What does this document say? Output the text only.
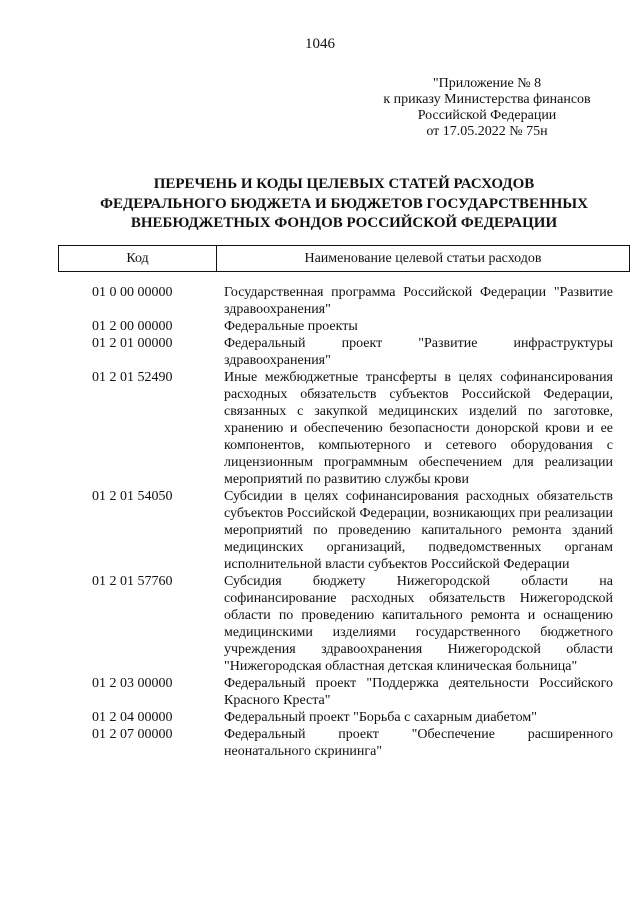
1046
"Приложение № 8
к приказу Министерства финансов
Российской Федерации
от 17.05.2022 № 75н
ПЕРЕЧЕНЬ И КОДЫ ЦЕЛЕВЫХ СТАТЕЙ РАСХОДОВ
ФЕДЕРАЛЬНОГО БЮДЖЕТА И БЮДЖЕТОВ ГОСУДАРСТВЕННЫХ
ВНЕБЮДЖЕТНЫХ ФОНДОВ РОССИЙСКОЙ ФЕДЕРАЦИИ
Код	Наименование целевой статьи расходов
01 0 00 00000	Государственная программа Российской Федерации "Развитие здравоохранения"
01 2 00 00000	Федеральные проекты
01 2 01 00000	Федеральный проект "Развитие инфраструктуры здравоохранения"
01 2 01 52490	Иные межбюджетные трансферты в целях софинансирования расходных обязательств субъектов Российской Федерации, связанных с закупкой медицинских изделий по заготовке, хранению и обеспечению безопасности донорской крови и ее компонентов, компьютерного и сетевого оборудования с лицензионным программным обеспечением для реализации мероприятий по развитию службы крови
01 2 01 54050	Субсидии в целях софинансирования расходных обязательств субъектов Российской Федерации, возникающих при реализации мероприятий по проведению капитального ремонта зданий медицинских организаций, подведомственных органам исполнительной власти субъектов Российской Федерации
01 2 01 57760	Субсидия бюджету Нижегородской области на софинансирование расходных обязательств Нижегородской области по проведению капитального ремонта и оснащению медицинскими изделиями государственного бюджетного учреждения здравоохранения Нижегородской области "Нижегородская областная детская клиническая больница"
01 2 03 00000	Федеральный проект "Поддержка деятельности Российского Красного Креста"
01 2 04 00000	Федеральный проект "Борьба с сахарным диабетом"
01 2 07 00000	Федеральный проект "Обеспечение расширенного неонатального скрининга"
